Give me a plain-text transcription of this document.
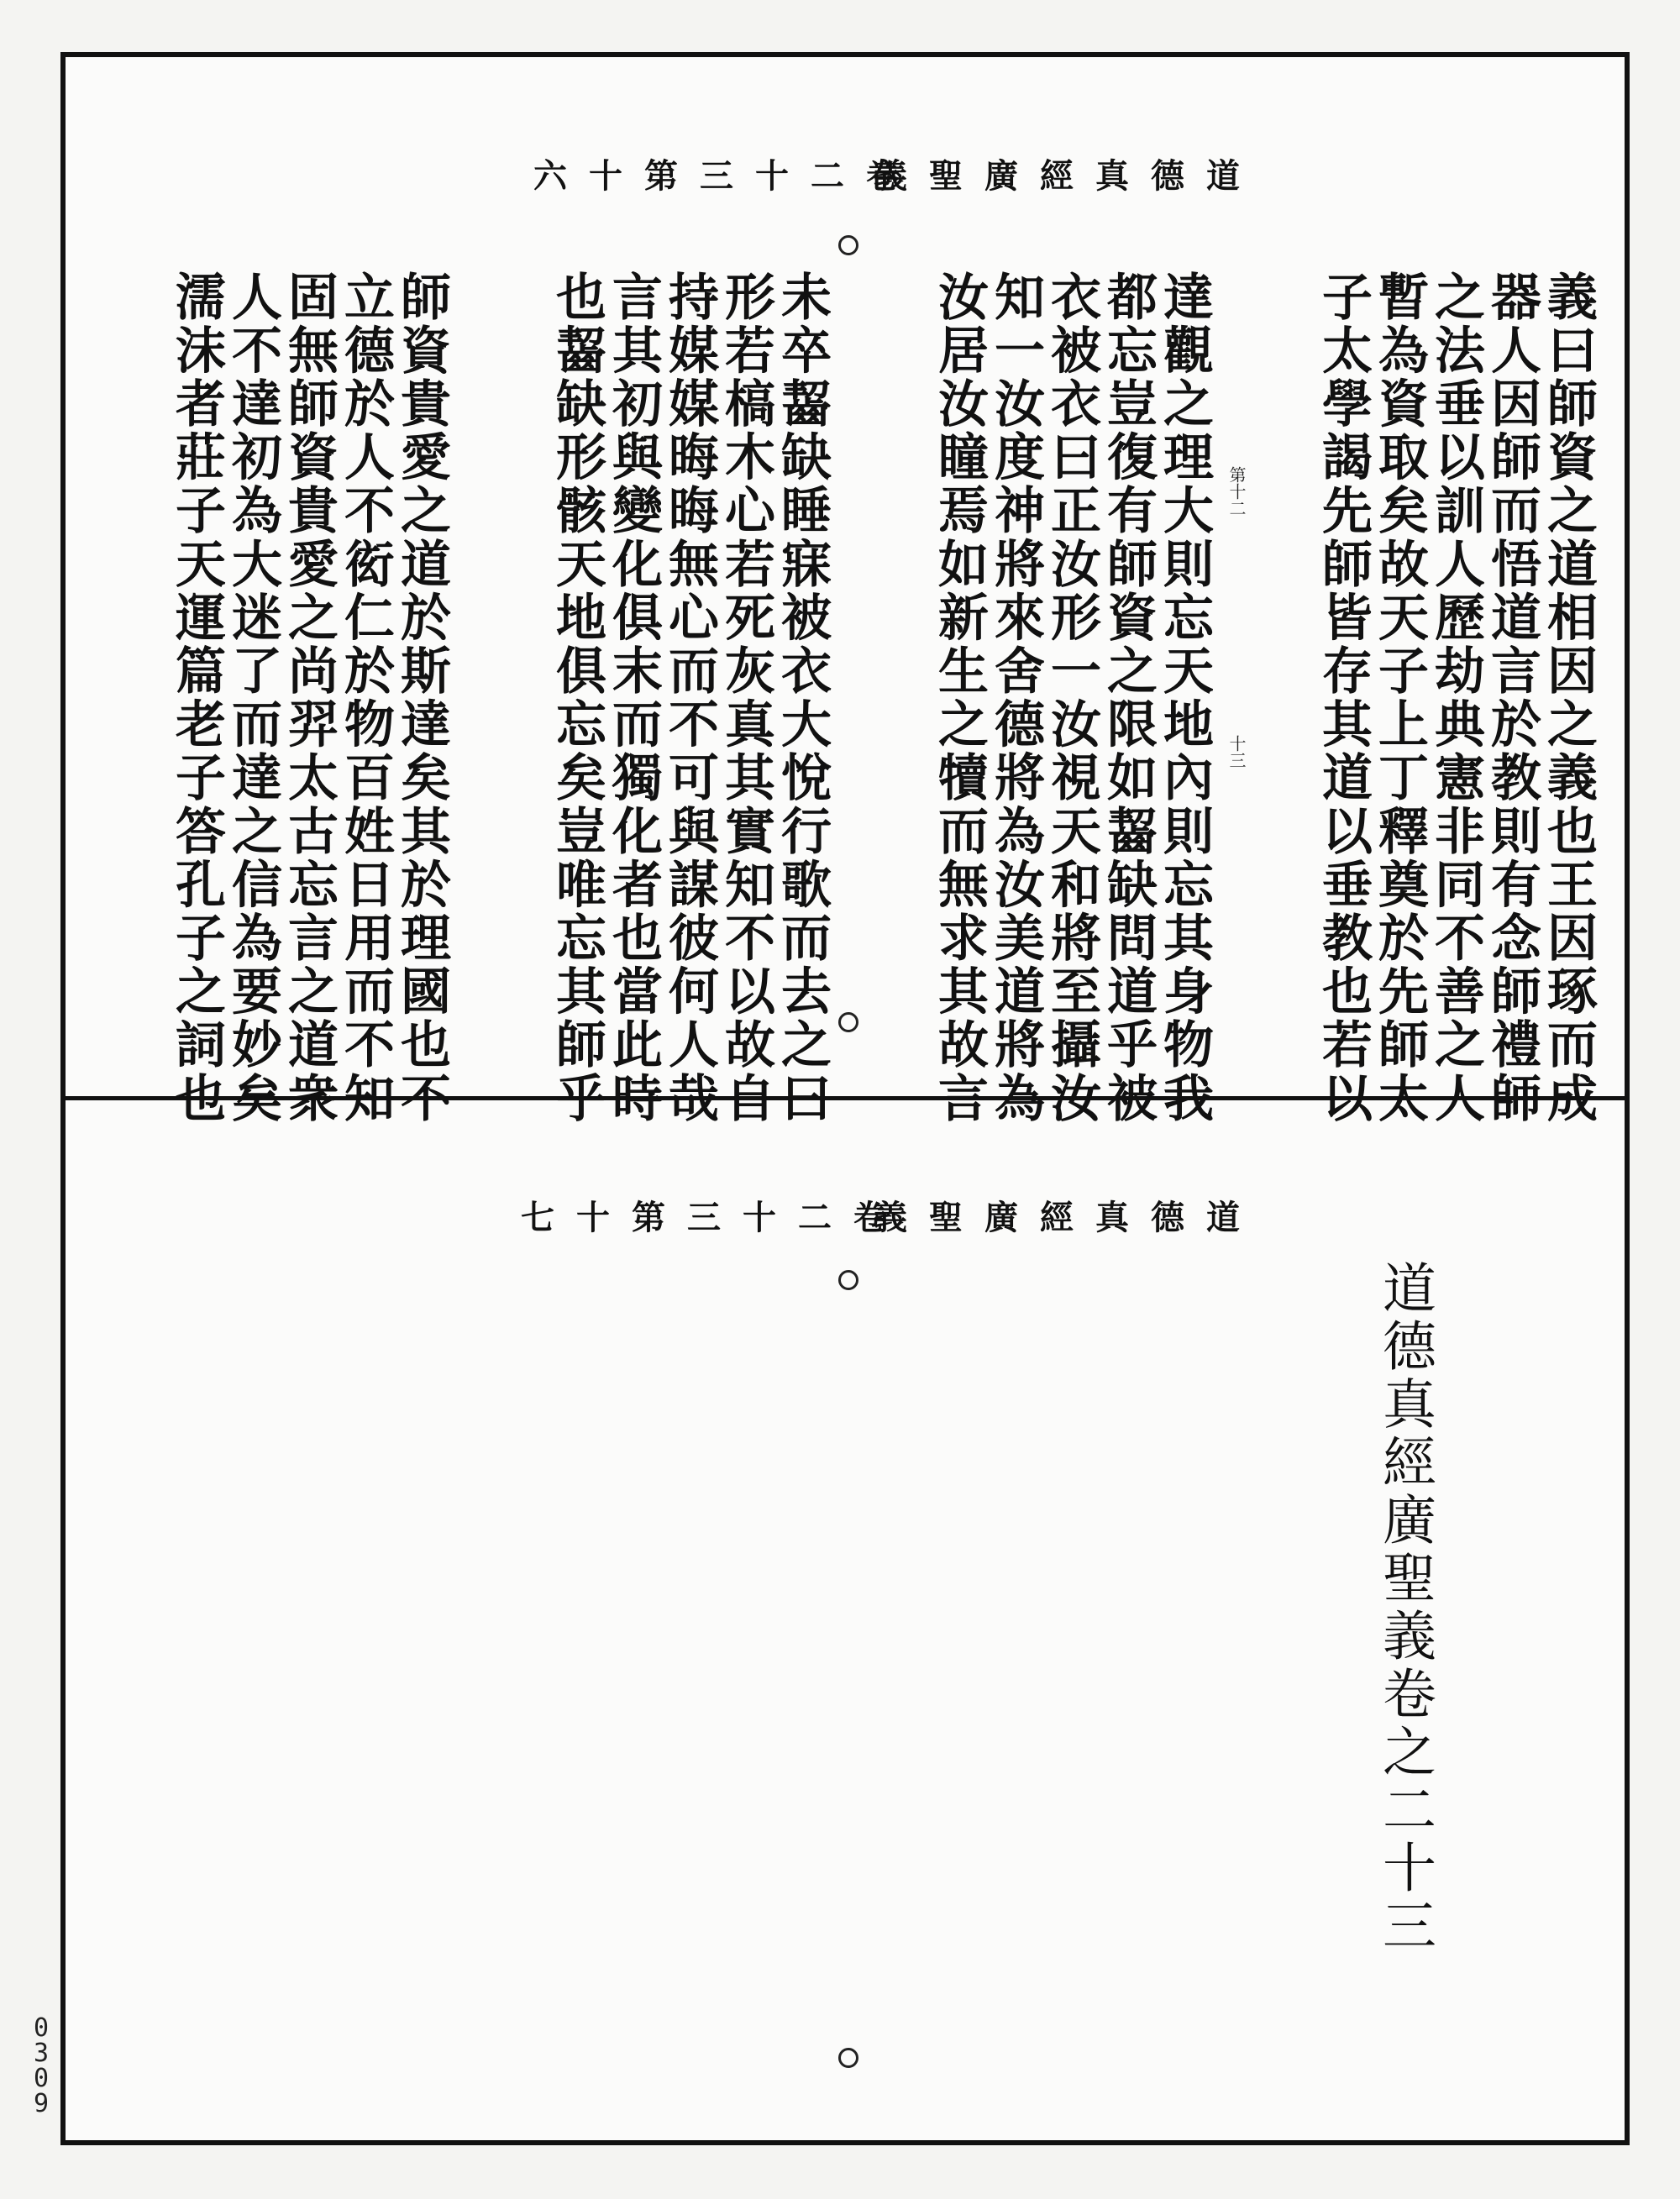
卷二十三第十六
道德真經廣聖義
義曰師資之道相因之義也王因琢而成
器人因師而悟道言於教則有念師禮師
之法垂以訓人歷劫典憲非同不善之人
暫為資取矣故天子上丁釋奠於先師太
子太學謁先師皆存其道以垂教也若以
達觀之理大則忘天地內則忘其身物我
都忘豈復有師資之限如齧缺問道乎被
衣被衣曰正汝形一汝視天和將至攝汝
知一汝度神將來舍德將為汝美道將為
汝居汝瞳焉如新生之犢而無求其故言
未卒齧缺睡寐被衣大悅行歌而去之曰
形若槁木心若死灰真其實知不以故自
持媒媒晦晦無心而不可與謀彼何人哉
言其初與變化俱末而獨化者也當此時
也齧缺形骸天地俱忘矣豈唯忘其師乎
師資貴愛之道於斯達矣其於理國也不
立德於人不衒仁於物百姓日用而不知
固無師資貴愛之尚羿太古忘言之道衆
人不達初為大迷了而達之信為要妙矣
濡沫者莊子天運篇老子答孔子之詞也	第十二
十三
卷二十三第十七
道德真經廣聖義
道德真經廣聖義卷之二十三
0309
